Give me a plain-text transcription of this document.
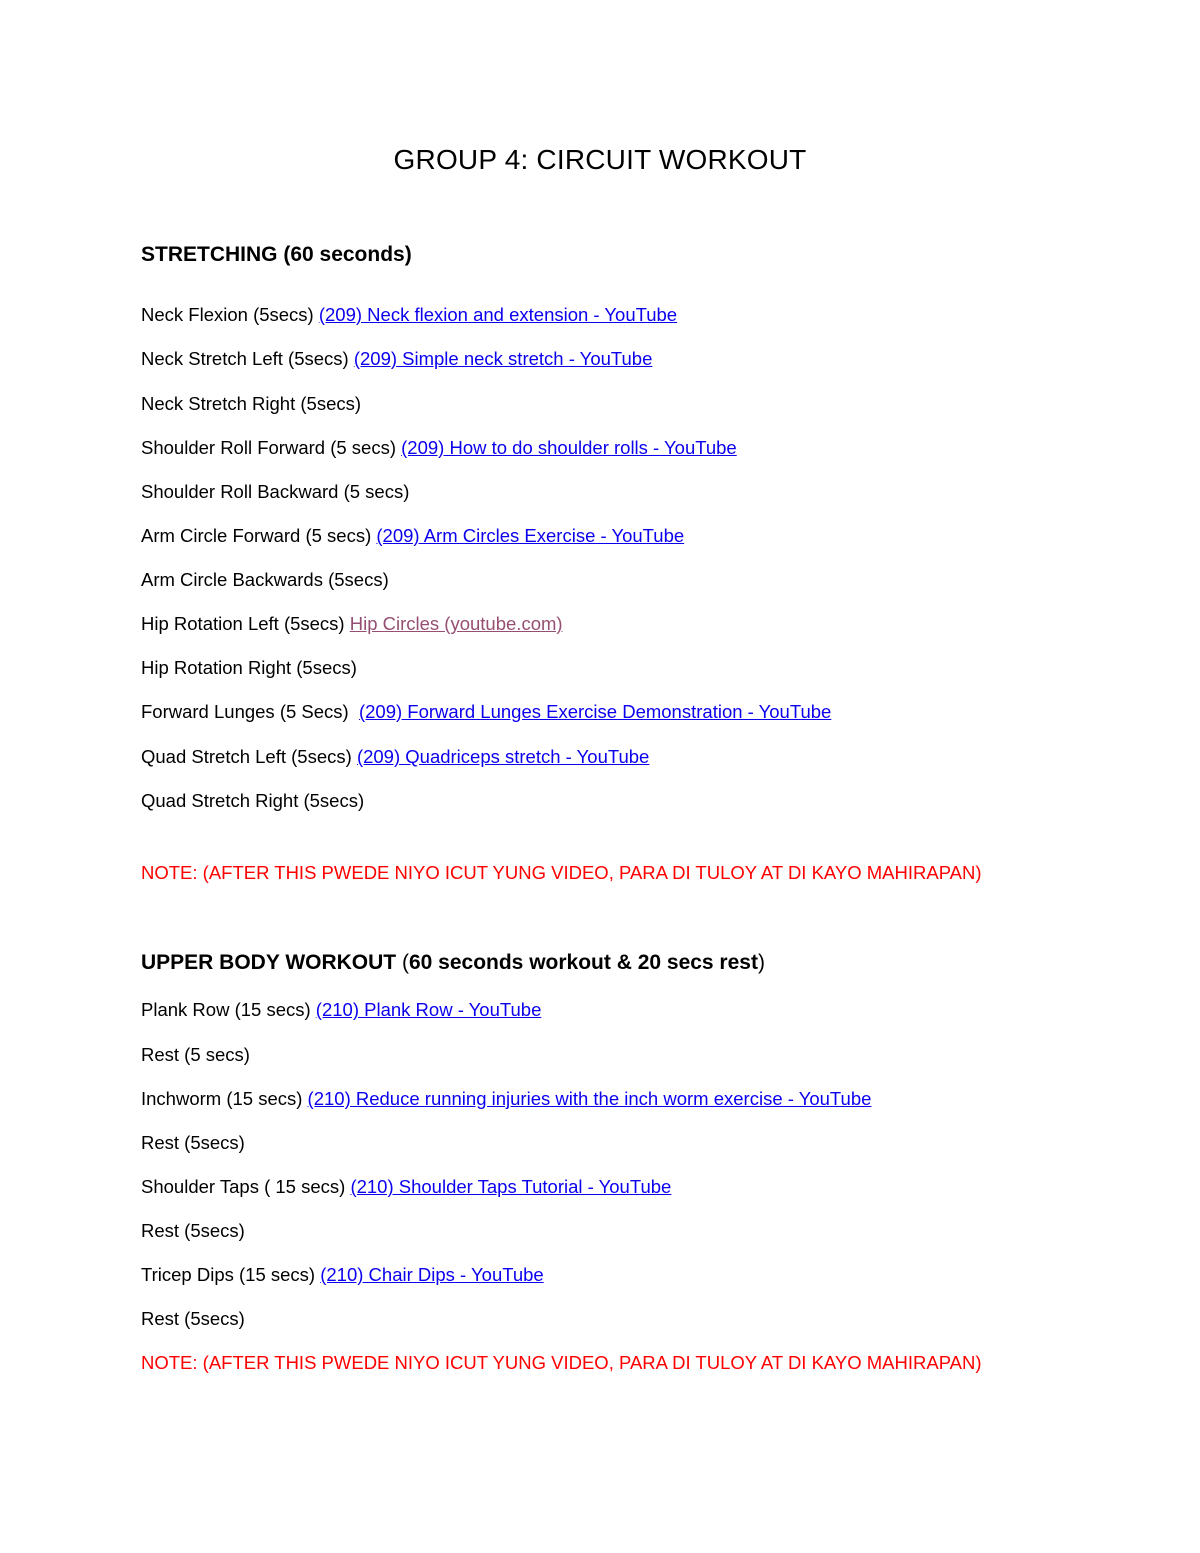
GROUP 4: CIRCUIT WORKOUT
STRETCHING (60 seconds)
Neck Flexion (5secs) (209) Neck flexion and extension - YouTube
Neck Stretch Left (5secs) (209) Simple neck stretch - YouTube
Neck Stretch Right (5secs)
Shoulder Roll Forward (5 secs) (209) How to do shoulder rolls - YouTube
Shoulder Roll Backward (5 secs)
Arm Circle Forward (5 secs) (209) Arm Circles Exercise - YouTube
Arm Circle Backwards (5secs)
Hip Rotation Left (5secs) Hip Circles (youtube.com)
Hip Rotation Right (5secs)
Forward Lunges (5 Secs)  (209) Forward Lunges Exercise Demonstration - YouTube
Quad Stretch Left (5secs) (209) Quadriceps stretch - YouTube
Quad Stretch Right (5secs)
NOTE: (AFTER THIS PWEDE NIYO ICUT YUNG VIDEO, PARA DI TULOY AT DI KAYO MAHIRAPAN)
UPPER BODY WORKOUT (60 seconds workout & 20 secs rest)
Plank Row (15 secs) (210) Plank Row - YouTube
Rest (5 secs)
Inchworm (15 secs) (210) Reduce running injuries with the inch worm exercise - YouTube
Rest (5secs)
Shoulder Taps ( 15 secs) (210) Shoulder Taps Tutorial - YouTube
Rest (5secs)
Tricep Dips (15 secs) (210) Chair Dips - YouTube
Rest (5secs)
NOTE: (AFTER THIS PWEDE NIYO ICUT YUNG VIDEO, PARA DI TULOY AT DI KAYO MAHIRAPAN)
